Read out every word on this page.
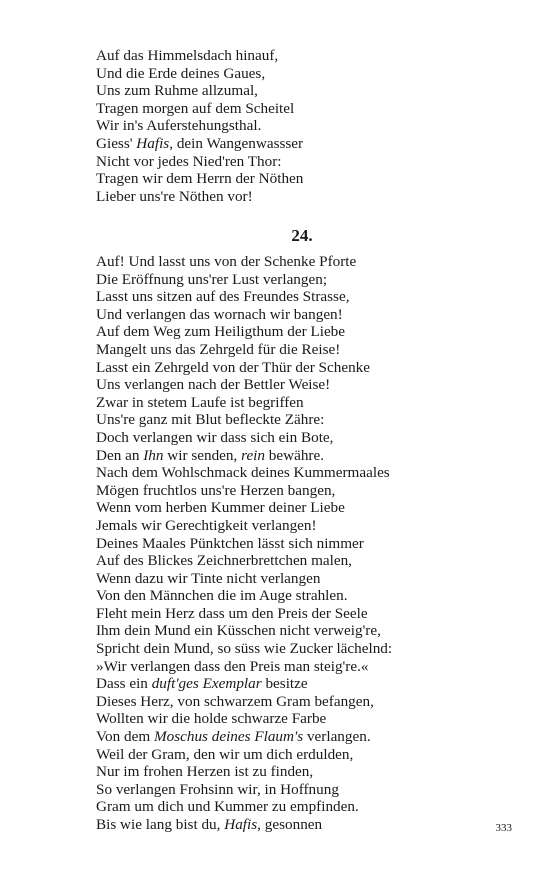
Auf das Himmelsdach hinauf,
Und die Erde deines Gaues,
Uns zum Ruhme allzumal,
Tragen morgen auf dem Scheitel
Wir in's Auferstehungsthal.
Giess' Hafis, dein Wangenwassser
Nicht vor jedes Nied'ren Thor:
Tragen wir dem Herrn der Nöthen
Lieber uns're Nöthen vor!
24.
Auf! Und lasst uns von der Schenke Pforte
Die Eröffnung uns'rer Lust verlangen;
Lasst uns sitzen auf des Freundes Strasse,
Und verlangen das wornach wir bangen!
Auf dem Weg zum Heiligthum der Liebe
Mangelt uns das Zehrgeld für die Reise!
Lasst ein Zehrgeld von der Thür der Schenke
Uns verlangen nach der Bettler Weise!
Zwar in stetem Laufe ist begriffen
Uns're ganz mit Blut befleckte Zähre:
Doch verlangen wir dass sich ein Bote,
Den an Ihn wir senden, rein bewähre.
Nach dem Wohlschmack deines Kummermaales
Mögen fruchtlos uns're Herzen bangen,
Wenn vom herben Kummer deiner Liebe
Jemals wir Gerechtigkeit verlangen!
Deines Maales Pünktchen lässt sich nimmer
Auf des Blickes Zeichnerbrettchen malen,
Wenn dazu wir Tinte nicht verlangen
Von den Männchen die im Auge strahlen.
Fleht mein Herz dass um den Preis der Seele
Ihm dein Mund ein Küsschen nicht verweig're,
Spricht dein Mund, so süss wie Zucker lächelnd:
»Wir verlangen dass den Preis man steig're.«
Dass ein duft'ges Exemplar besitze
Dieses Herz, von schwarzem Gram befangen,
Wollten wir die holde schwarze Farbe
Von dem Moschus deines Flaum's verlangen.
Weil der Gram, den wir um dich erdulden,
Nur im frohen Herzen ist zu finden,
So verlangen Frohsinn wir, in Hoffnung
Gram um dich und Kummer zu empfinden.
Bis wie lang bist du, Hafis, gesonnen	333
